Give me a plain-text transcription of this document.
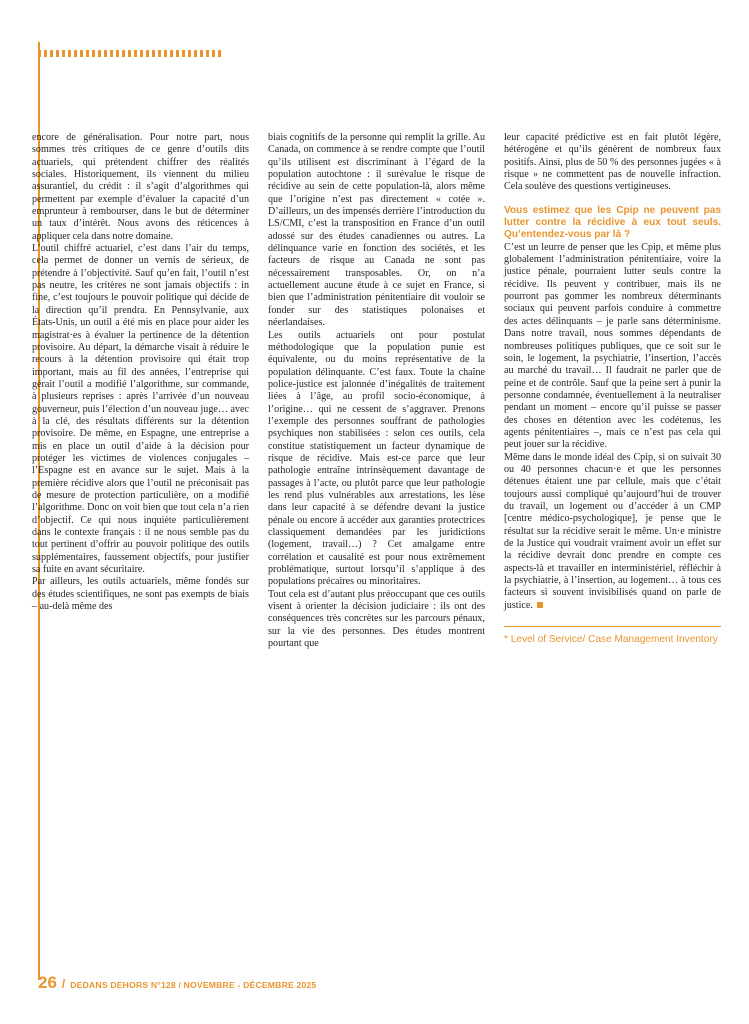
encore de généralisation. Pour notre part, nous sommes très critiques de ce genre d’outils dits actuariels, qui prétendent chiffrer des réalités sociales. Historiquement, ils viennent du milieu assurantiel, du crédit : il s’agit d’algorithmes qui permettent par exemple d’évaluer la capacité d’un emprunteur à rembourser, dans le but de déterminer un taux d’intérêt. Nous avons des réticences à appliquer cela dans notre domaine.

L’outil chiffré actuariel, c’est dans l’air du temps, cela permet de donner un vernis de sérieux, de prétendre à l’objectivité. Sauf qu’en fait, l’outil n’est pas neutre, les critères ne sont jamais objectifs : in fine, c’est toujours le pouvoir politique qui décide de la direction qu’il prendra. En Pennsylvanie, aux États-Unis, un outil a été mis en place pour aider les magistrat·es à évaluer la pertinence de la détention provisoire. Au départ, la démarche visait à réduire le recours à la détention provisoire qui était trop important, mais au fil des années, l’entreprise qui gérait l’outil a modifié l’algorithme, sur commande, à plusieurs reprises : après l’arrivée d’un nouveau gouverneur, puis l’élection d’un nouveau juge… avec à la clé, des résultats différents sur la détention provisoire. De même, en Espagne, une entreprise a mis en place un outil d’aide à la décision pour protéger les victimes de violences conjugales – l’Espagne est en avance sur le sujet. Mais à la première récidive alors que l’outil ne préconisait pas de mesure de protection particulière, on a modifié l’algorithme. Donc on voit bien que tout cela n’a rien d’objectif. Ce qui nous inquiète particulièrement dans le contexte français : il ne nous semble pas du tout pertinent d’offrir au pouvoir politique des outils supplémentaires, faussement objectifs, pour justifier sa fuite en avant sécuritaire.

Par ailleurs, les outils actuariels, même fondés sur des études scientifiques, ne sont pas exempts de biais – au-delà même des

biais cognitifs de la personne qui remplit la grille. Au Canada, on commence à se rendre compte que l’outil qu’ils utilisent est discriminant à l’égard de la population autochtone : il surévalue le risque de récidive au sein de cette population-là, alors même que l’origine n’est pas directement « cotée ». D’ailleurs, un des impensés derrière l’introduction du LS/CMI, c’est la transposition en France d’un outil adossé sur des études canadiennes ou autres. La délinquance varie en fonction des sociétés, et les facteurs de risque au Canada ne sont pas nécessairement transposables. Or, on n’a actuellement aucune étude à ce sujet en France, si bien que l’administration pénitentiaire dit vouloir se fonder sur des statistiques polonaises et néerlandaises.

Les outils actuariels ont pour postulat méthodologique que la population punie est équivalente, ou du moins représentative de la population délinquante. C’est faux. Toute la chaîne police-justice est jalonnée d’inégalités de traitement liées à l’âge, au profil socio-économique, à l’origine… qui ne cessent de s’aggraver. Prenons l’exemple des personnes souffrant de pathologies psychiques non stabilisées : selon ces outils, cela constitue statistiquement un facteur dynamique de risque de récidive. Mais est-ce parce que leur pathologie entraîne intrinsèquement davantage de passages à l’acte, ou plutôt parce que leur pathologie les rend plus vulnérables aux arrestations, les lèse dans leur capacité à se défendre devant la justice pénale ou encore à accéder aux garanties protectrices classiquement demandées par les juridictions (logement, travail…) ? Cet amalgame entre corrélation et causalité est pour nous extrêmement problématique, surtout lorsqu’il s’applique à des populations précaires ou minoritaires.

Tout cela est d’autant plus préoccupant que ces outils visent à orienter la décision judiciaire : ils ont des conséquences très concrètes sur les parcours pénaux, sur la vie des personnes. Des études montrent pourtant que

leur capacité prédictive est en fait plutôt légère, hétérogène et qu’ils génèrent de nombreux faux positifs. Ainsi, plus de 50 % des personnes jugées « à risque » ne commettent pas de nouvelle infraction. Cela soulève des questions vertigineuses.

Vous estimez que les Cpip ne peuvent pas lutter contre la récidive à eux tout seuls. Qu’entendez-vous par là ?

C’est un leurre de penser que les Cpip, et même plus globalement l’administration pénitentiaire, voire la justice pénale, pourraient lutter seuls contre la récidive. Ils peuvent y contribuer, mais ils ne pourront pas gommer les nombreux déterminants sociaux qui peuvent parfois conduire à commettre des actes délinquants – je parle sans déterminisme. Dans notre travail, nous sommes dépendants de nombreuses politiques publiques, que ce soit sur le soin, le logement, la psychiatrie, l’insertion, l’accès au marché du travail… Il faudrait ne parler que de peine et de contrôle. Sauf que la peine sert à punir la personne condamnée, éventuellement à la neutraliser pendant un moment – encore qu’il puisse se passer des choses en détention avec les codétenus, les agents pénitentiaires –, mais ce n’est pas cela qui peut jouer sur la récidive.

Même dans le monde idéal des Cpip, si on suivait 30 ou 40 personnes chacun·e et que les personnes détenues étaient une par cellule, mais que c’était toujours aussi compliqué qu’aujourd’hui de trouver du travail, un logement ou d’accéder à un CMP [centre médico-psychologique], je pense que le résultat sur la récidive serait le même. Un·e ministre de la Justice qui voudrait vraiment avoir un effet sur la récidive devrait donc prendre en compte ces aspects-là et travailler en interministériel, réfléchir à la psychiatrie, à l’insertion, au logement… à tous ces facteurs si souvent invisibilisés quand on parle de justice.

* Level of Service/ Case Management Inventory

26 / DEDANS DEHORS N°128 / NOVEMBRE - DÉCEMBRE 2025
